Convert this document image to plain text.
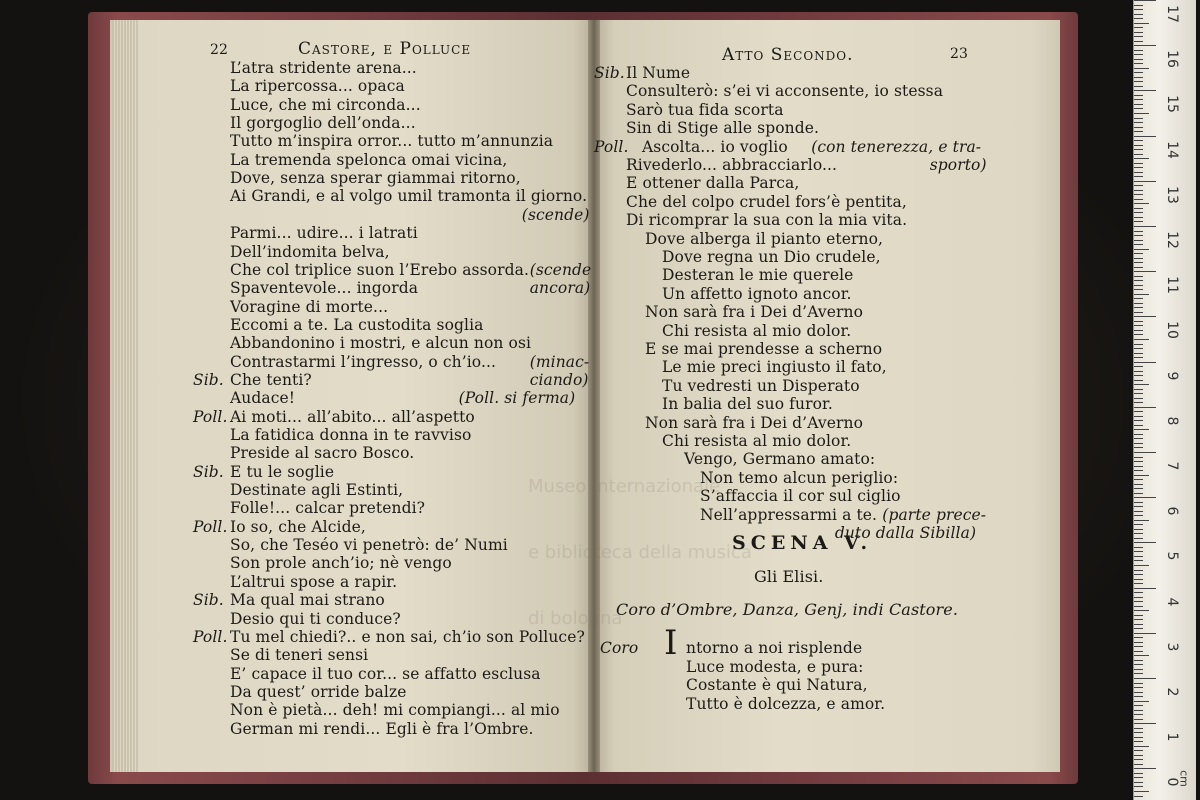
22	Castore, e Polluce
L’atra stridente arena...
La ripercossa... opaca
Luce, che mi circonda...
Il gorgoglio dell’onda...
Tutto m’inspira orror... tutto m’annunzia
La tremenda spelonca omai vicina,
Dove, senza sperar giammai ritorno,
Ai Grandi, e al volgo umil tramonta il giorno.
(scende)
Parmi... udire... i latrati
Dell’indomita belva,
Che col triplice suon l’Erebo assorda. (scende
Spaventevole... ingorda	ancora)
Voragine di morte...
Eccomi a te. La custodita soglia
Abbandonino i mostri, e alcun non osi
Contrastarmi l’ingresso, o ch’io... (minac-
Sib. Che tenti?	ciando)
Audace!	(Poll. si ferma)
Poll. Ai moti... all’abito... all’aspetto
La fatidica donna in te ravviso
Preside al sacro Bosco.
Sib. E tu le soglie
Destinate agli Estinti,
Folle!... calcar pretendi?
Poll. Io so, che Alcide,
So, che Teséo vi penetrò: de’ Numi
Son prole anch’io; nè vengo
L’altrui spose a rapir.
Sib. Ma qual mai strano
Desio qui ti conduce?
Poll. Tu mel chiedi?.. e non sai, ch’io son Polluce?
Se di teneri sensi
E’ capace il tuo cor... se affatto esclusa
Da quest’ orride balze
Non è pietà... deh! mi compiangi... al mio
German mi rendi... Egli è fra l’Ombre.
Atto Secondo.	23
Sib. Il Nume
Consulterò: s’ei vi acconsente, io stessa
Sarò tua fida scorta
Sin di Stige alle sponde.
Poll. Ascolta... io voglio (con tenerezza, e tra-
Rivederlo... abbracciarlo...	sporto)
E ottener dalla Parca,
Che del colpo crudel fors’è pentita,
Di ricomprar la sua con la mia vita.
Dove alberga il pianto eterno,
Dove regna un Dio crudele,
Desteran le mie querele
Un affetto ignoto ancor.
Non sarà fra i Dei d’Averno
Chi resista al mio dolor.
E se mai prendesse a scherno
Le mie preci ingiusto il fato,
Tu vedresti un Disperato
In balia del suo furor.
Non sarà fra i Dei d’Averno
Chi resista al mio dolor.
Vengo, Germano amato:
Non temo alcun periglio:
S’affaccia il cor sul ciglio
Nell’appressarmi a te. (parte prece-
duto dalla Sibilla)
SCENA V.
Gli Elisi.
Coro d’Ombre, Danza, Genj, indi Castore.
Coro I ntorno a noi risplende
Luce modesta, e pura:
Costante è qui Natura,
Tutto è dolcezza, e amor.

Museo internazionale

e biblioteca della musica

di bologna

17
16
15
14
13
12
11
10
9
8
7
6
5
4
3
2
1
0
cm
